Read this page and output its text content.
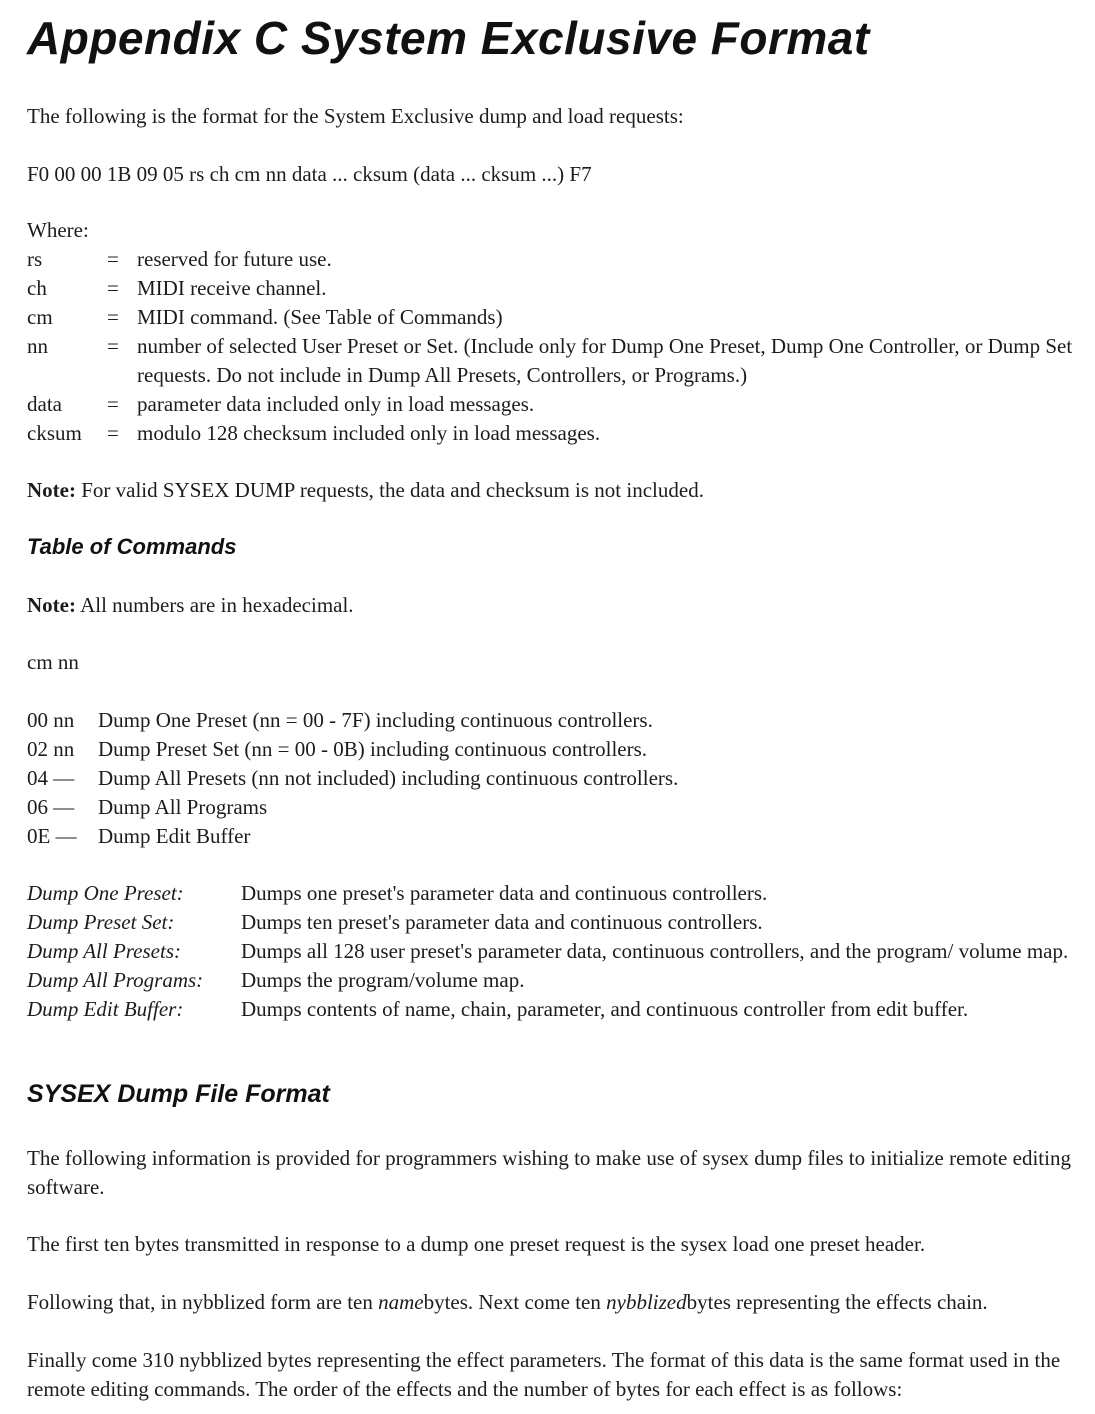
Appendix C System Exclusive Format
The following is the format for the System Exclusive dump and load requests:
F0 00 00 1B 09 05 rs ch cm nn data ... cksum (data ... cksum ...) F7
Where:
rs	= reserved for future use.
ch	= MIDI receive channel.
cm	= MIDI command. (See Table of Commands)
nn	= number of selected User Preset or Set. (Include only for Dump One Preset, Dump One Controller, or Dump Set requests. Do not include in Dump All Presets, Controllers, or Programs.)
data	= parameter data included only in load messages.
cksum	= modulo 128 checksum included only in load messages.
Note: For valid SYSEX DUMP requests, the data and checksum is not included.
Table of Commands
Note: All numbers are in hexadecimal.
cm nn
00 nn	Dump One Preset (nn = 00 - 7F) including continuous controllers.
02 nn	Dump Preset Set (nn = 00 - 0B) including continuous controllers.
04 —	Dump All Presets (nn not included) including continuous controllers.
06 —	Dump All Programs
0E —	Dump Edit Buffer
Dump One Preset:	Dumps one preset's parameter data and continuous controllers.
Dump Preset Set:	Dumps ten preset's parameter data and continuous controllers.
Dump All Presets:	Dumps all 128 user preset's parameter data, continuous controllers, and the program/ volume map.
Dump All Programs:	Dumps the program/volume map.
Dump Edit Buffer:	Dumps contents of name, chain, parameter, and continuous controller from edit buffer.
SYSEX Dump File Format
The following information is provided for programmers wishing to make use of sysex dump files to initialize remote editing software.
The first ten bytes transmitted in response to a dump one preset request is the sysex load one preset header.
Following that, in nybblized form are ten namebytes. Next come ten nybblizedbytes representing the effects chain.
Finally come 310 nybblized bytes representing the effect parameters. The format of this data is the same format used in the remote editing commands. The order of the effects and the number of bytes for each effect is as follows:
